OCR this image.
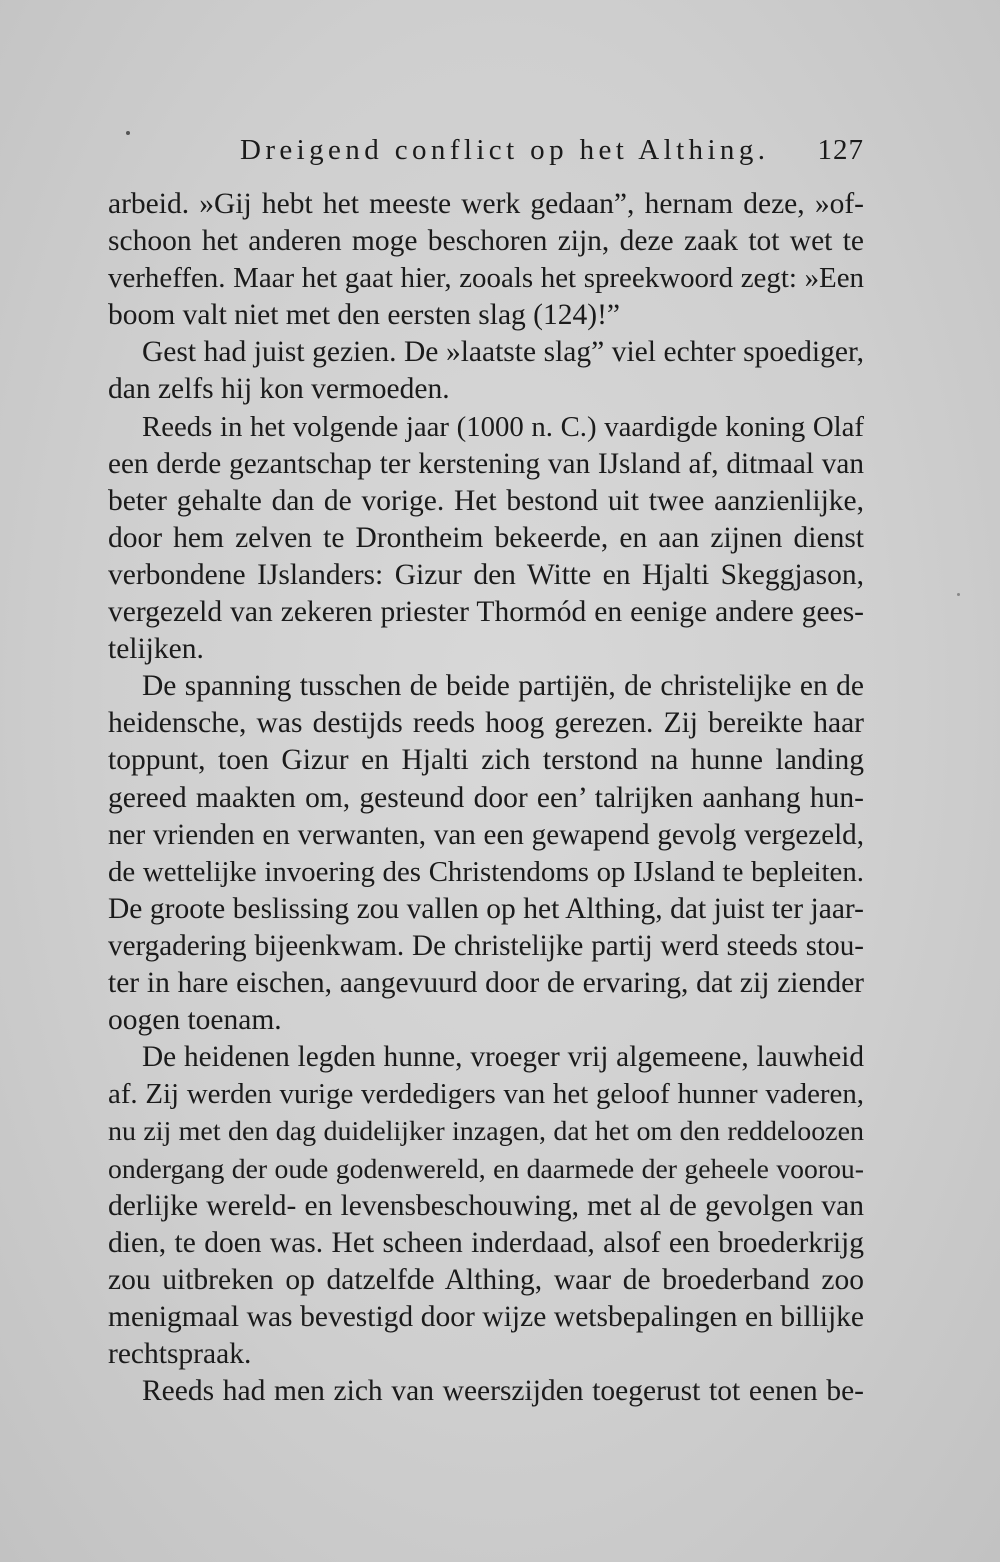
Dreigend conflict op het Althing. 127
arbeid. »Gij hebt het meeste werk gedaan”, hernam deze, »of-
schoon het anderen moge beschoren zijn, deze zaak tot wet te
verheffen. Maar het gaat hier, zooals het spreekwoord zegt: »Een
boom valt niet met den eersten slag (124)!”
Gest had juist gezien. De »laatste slag” viel echter spoediger,
dan zelfs hij kon vermoeden.
Reeds in het volgende jaar (1000 n. C.) vaardigde koning Olaf
een derde gezantschap ter kerstening van IJsland af, ditmaal van
beter gehalte dan de vorige. Het bestond uit twee aanzienlijke,
door hem zelven te Drontheim bekeerde, en aan zijnen dienst
verbondene IJslanders: Gizur den Witte en Hjalti Skeggjason,
vergezeld van zekeren priester Thormód en eenige andere gees-
telijken.
De spanning tusschen de beide partijën, de christelijke en de
heidensche, was destijds reeds hoog gerezen. Zij bereikte haar
toppunt, toen Gizur en Hjalti zich terstond na hunne landing
gereed maakten om, gesteund door een’ talrijken aanhang hun-
ner vrienden en verwanten, van een gewapend gevolg vergezeld,
de wettelijke invoering des Christendoms op IJsland te bepleiten.
De groote beslissing zou vallen op het Althing, dat juist ter jaar-
vergadering bijeenkwam. De christelijke partij werd steeds stou-
ter in hare eischen, aangevuurd door de ervaring, dat zij ziender
oogen toenam.
De heidenen legden hunne, vroeger vrij algemeene, lauwheid
af. Zij werden vurige verdedigers van het geloof hunner vaderen,
nu zij met den dag duidelijker inzagen, dat het om den reddeloozen
ondergang der oude godenwereld, en daarmede der geheele voorou-
derlijke wereld- en levensbeschouwing, met al de gevolgen van
dien, te doen was. Het scheen inderdaad, alsof een broederkrijg
zou uitbreken op datzelfde Althing, waar de broederband zoo
menigmaal was bevestigd door wijze wetsbepalingen en billijke
rechtspraak.
Reeds had men zich van weerszijden toegerust tot eenen be-
